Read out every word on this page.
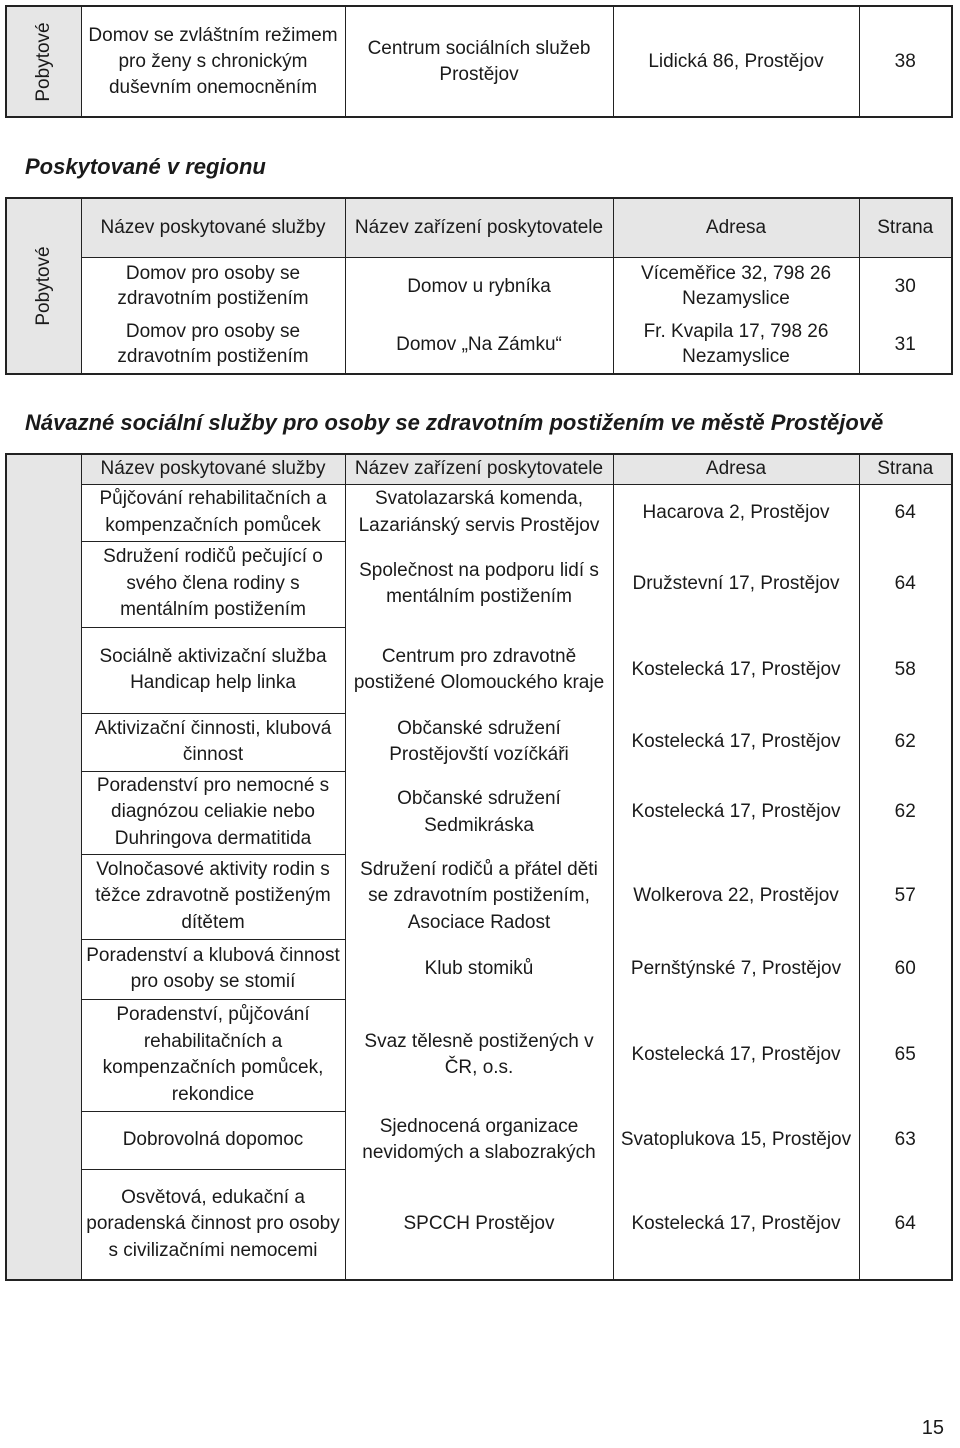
Pobytové	Domov se zvláštním režimem pro ženy s chronickým duševním onemocněním	Centrum sociálních služeb Prostějov	Lidická 86, Prostějov	38
Poskytované v regionu
Pobytové	Název poskytované služby	Název zařízení poskytovatele	Adresa	Strana
	Domov pro osoby se zdravotním postižením	Domov u rybníka	Víceměřice 32, 798 26 Nezamyslice	30
	Domov pro osoby se zdravotním postižením	Domov „Na Zámku“	Fr. Kvapila 17, 798 26 Nezamyslice	31
Návazné sociální služby pro osoby se zdravotním postižením ve městě Prostějově
	Název poskytované služby	Název zařízení poskytovatele	Adresa	Strana
	Půjčování rehabilitačních a kompenzačních pomůcek	Svatolazarská komenda, Lazariánský servis Prostějov	Hacarova 2, Prostějov	64
	Sdružení rodičů pečující o svého člena rodiny s mentálním postižením	Společnost na podporu lidí s mentálním postižením	Družstevní 17, Prostějov	64
	Sociálně aktivizační služba Handicap help linka	Centrum pro zdravotně postižené Olomouckého kraje	Kostelecká 17, Prostějov	58
	Aktivizační činnosti, klubová činnost	Občanské sdružení Prostějovští vozíčkáři	Kostelecká 17, Prostějov	62
	Poradenství pro nemocné s diagnózou celiakie nebo Duhringova dermatitida	Občanské sdružení Sedmikráska	Kostelecká 17, Prostějov	62
	Volnočasové aktivity rodin s těžce zdravotně postiženým dítětem	Sdružení rodičů a přátel děti se zdravotním postižením, Asociace Radost	Wolkerova 22, Prostějov	57
	Poradenství a klubová činnost pro osoby se stomií	Klub stomiků	Pernštýnské 7, Prostějov	60
	Poradenství, půjčování rehabilitačních a kompenzačních pomůcek, rekondice	Svaz tělesně postižených v ČR, o.s.	Kostelecká 17, Prostějov	65
	Dobrovolná dopomoc	Sjednocená organizace nevidomých a slabozrakých	Svatoplukova 15, Prostějov	63
	Osvětová, edukační a poradenská činnost pro osoby s civilizačními nemocemi	SPCCH Prostějov	Kostelecká 17, Prostějov	64
15
